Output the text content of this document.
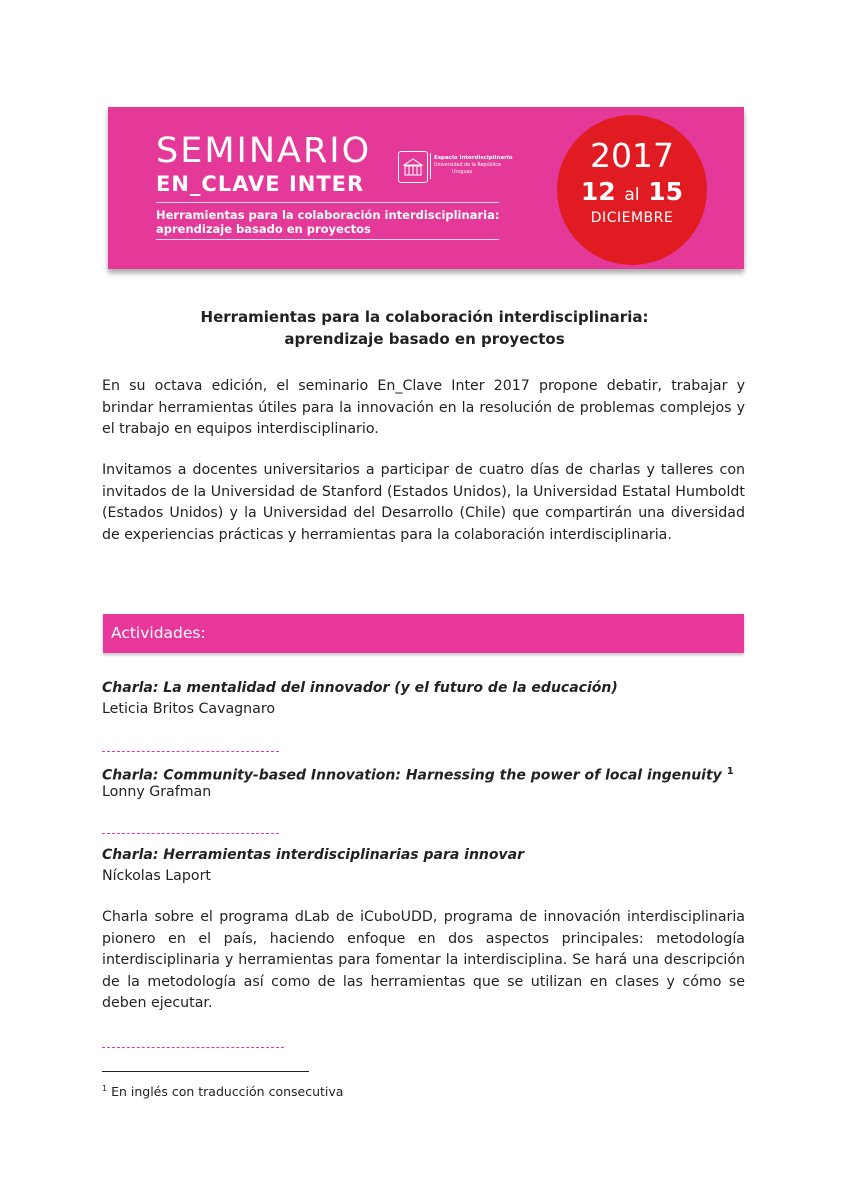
SEMINARIO
EN_CLAVE INTER
Herramientas para la colaboración interdisciplinaria:
aprendizaje basado en proyectos
Espacio Interdisciplinario
Universidad de la República
Uruguay	2017
12 al 15
DICIEMBRE
Herramientas para la colaboración interdisciplinaria:
aprendizaje basado en proyectos

En su octava edición, el seminario En_Clave Inter 2017 propone debatir, trabajar y brindar herramientas útiles para la innovación en la resolución de problemas complejos y el trabajo en equipos interdisciplinario.

Invitamos a docentes universitarios a participar de cuatro días de charlas y talleres con invitados de la Universidad de Stanford (Estados Unidos), la Universidad Estatal Humboldt (Estados Unidos) y la Universidad del Desarrollo (Chile) que compartirán una diversidad de experiencias prácticas y herramientas para la colaboración interdisciplinaria.

Actividades:
Charla: La mentalidad del innovador (y el futuro de la educación)
Leticia Britos Cavagnaro
Charla: Community-based Innovation: Harnessing the power of local ingenuity $^1$
Lonny Grafman
Charla: Herramientas interdisciplinarias para innovar
Níckolas Laport

Charla sobre el programa dLab de iCuboUDD, programa de innovación interdisciplinaria pionero en el país, haciendo enfoque en dos aspectos principales: metodología interdisciplinaria y herramientas para fomentar la interdisciplina. Se hará una descripción de la metodología así como de las herramientas que se utilizan en clases y cómo se deben ejecutar.

$^1$ En inglés con traducción consecutiva
